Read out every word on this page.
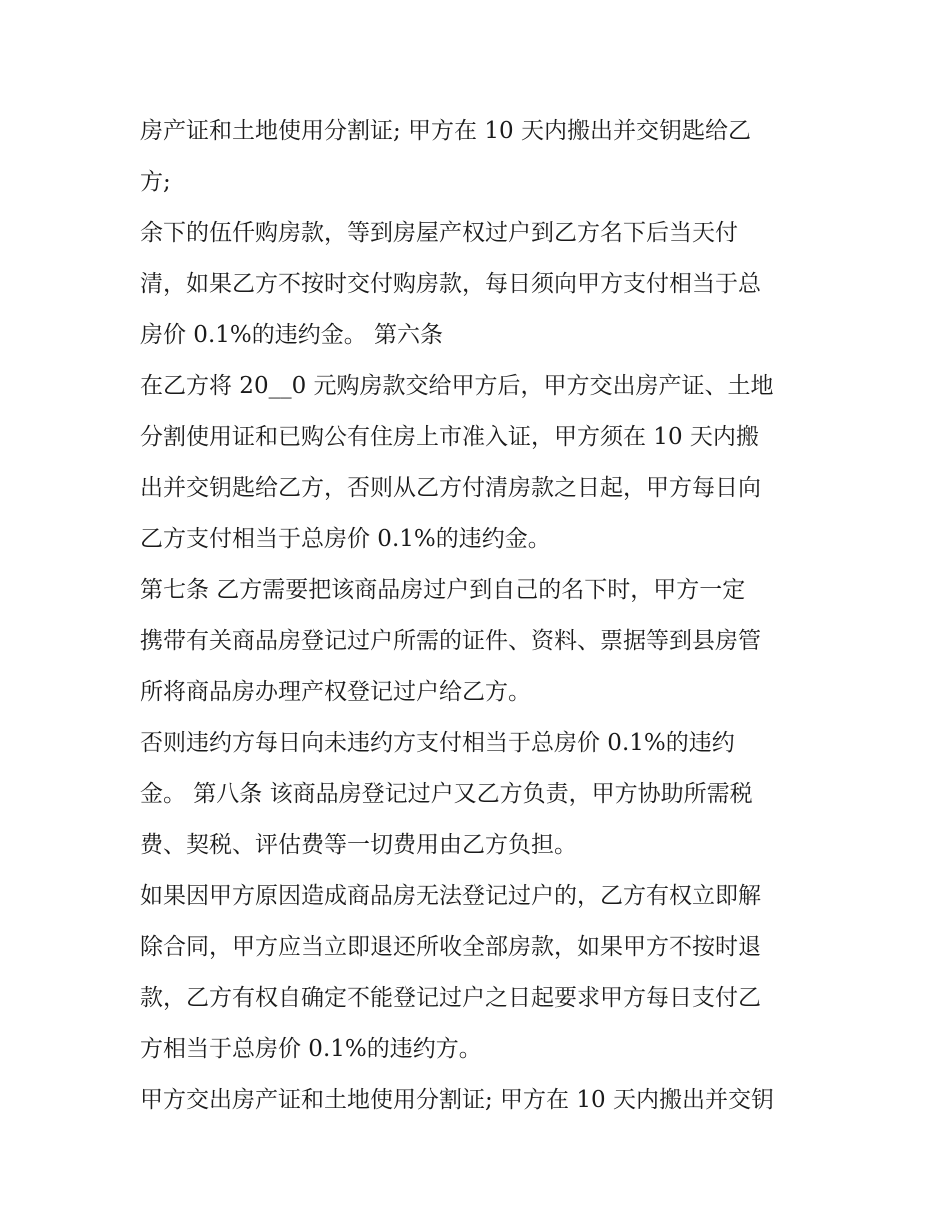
房产证和土地使用分割证; 甲方在 10 天内搬出并交钥匙给乙
方;
余下的伍仟购房款，等到房屋产权过户到乙方名下后当天付
清，如果乙方不按时交付购房款，每日须向甲方支付相当于总
房价 0.1%的违约金。 第六条
在乙方将 20__0 元购房款交给甲方后，甲方交出房产证、土地
分割使用证和已购公有住房上市准入证，甲方须在 10 天内搬
出并交钥匙给乙方，否则从乙方付清房款之日起，甲方每日向
乙方支付相当于总房价 0.1%的违约金。
第七条 乙方需要把该商品房过户到自己的名下时，甲方一定
携带有关商品房登记过户所需的证件、资料、票据等到县房管
所将商品房办理产权登记过户给乙方。
否则违约方每日向未违约方支付相当于总房价 0.1%的违约
金。 第八条 该商品房登记过户又乙方负责，甲方协助所需税
费、契税、评估费等一切费用由乙方负担。
如果因甲方原因造成商品房无法登记过户的，乙方有权立即解
除合同，甲方应当立即退还所收全部房款，如果甲方不按时退
款，乙方有权自确定不能登记过户之日起要求甲方每日支付乙
方相当于总房价 0.1%的违约方。
甲方交出房产证和土地使用分割证; 甲方在 10 天内搬出并交钥
